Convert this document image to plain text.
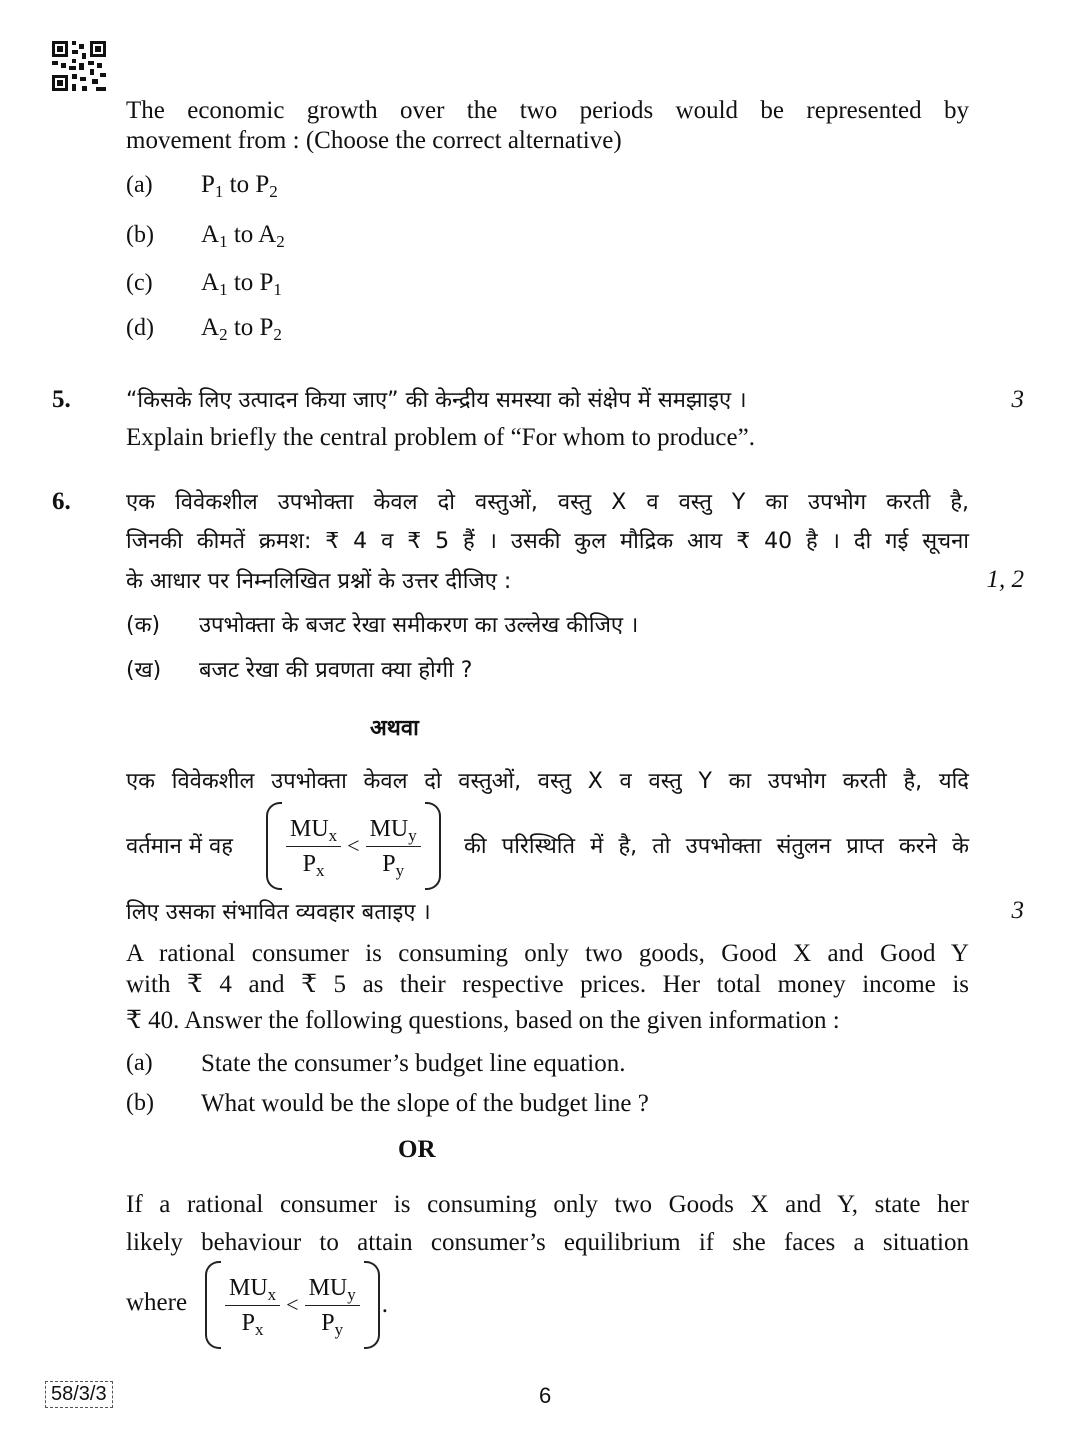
The economic growth over the two periods would be represented by
movement from : (Choose the correct alternative)
(a) $P_1$ to $P_2$
(b) $A_1$ to $A_2$
(c) $A_1$ to $P_1$
(d) $A_2$ to $P_2$
5.	“किसके लिए उत्पादन किया जाए” की केन्द्रीय समस्या को संक्षेप में समझाइए ।	3
Explain briefly the central problem of “For whom to produce”.
6.	एक विवेकशील उपभोक्ता केवल दो वस्तुओं, वस्तु X व वस्तु Y का उपभोग करती है,
जिनकी कीमतें क्रमश: ₹ 4 व ₹ 5 हैं । उसकी कुल मौद्रिक आय ₹ 40 है । दी गई सूचना
के आधार पर निम्नलिखित प्रश्नों के उत्तर दीजिए :	1, 2
(क) उपभोक्ता के बजट रेखा समीकरण का उल्लेख कीजिए ।
(ख) बजट रेखा की प्रवणता क्या होगी ?
अथवा
एक विवेकशील उपभोक्ता केवल दो वस्तुओं, वस्तु X व वस्तु Y का उपभोग करती है, यदि
वर्तमान में वह $\frac{MU_x}{P_x} < \frac{MU_y}{P_y}$ की परिस्थिति में है, तो उपभोक्ता संतुलन प्राप्त करने के
लिए उसका संभावित व्यवहार बताइए ।	3
A rational consumer is consuming only two goods, Good X and Good Y
with ₹ 4 and ₹ 5 as their respective prices. Her total money income is
₹ 40. Answer the following questions, based on the given information :
(a) State the consumer’s budget line equation.
(b) What would be the slope of the budget line ?
OR
If a rational consumer is consuming only two Goods X and Y, state her
likely behaviour to attain consumer’s equilibrium if she faces a situation
where $\frac{MU_x}{P_x} < \frac{MU_y}{P_y}$ .
58/3/3	6
